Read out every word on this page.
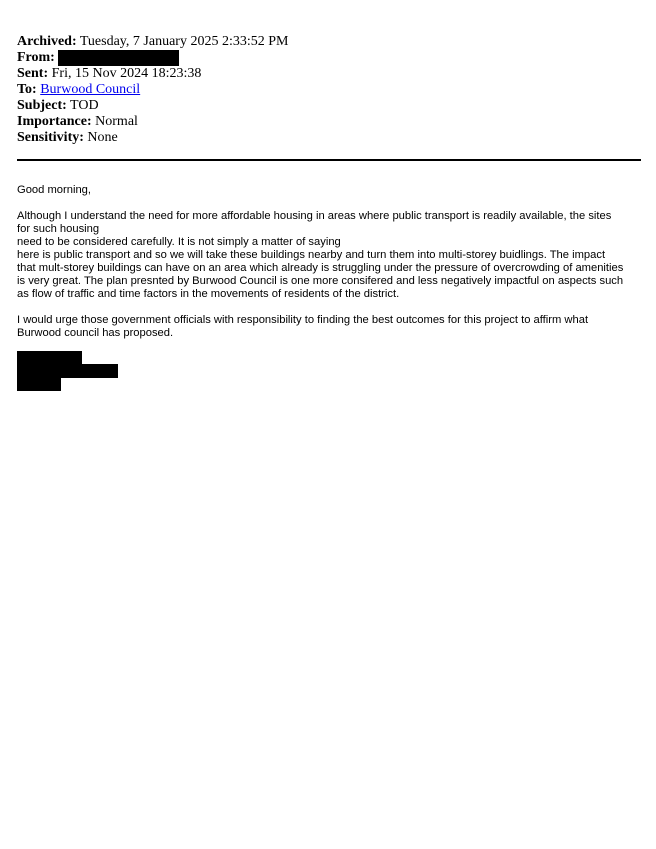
Archived: Tuesday, 7 January 2025 2:33:52 PM
From:
Sent: Fri, 15 Nov 2024 18:23:38
To: Burwood Council
Subject: TOD
Importance: Normal
Sensitivity: None

Good morning,

Although I understand the need for more affordable housing in areas where public transport is readily available, the sites

for such housing

need to be considered carefully. It is not simply a matter of saying

here is public transport and so we will take these buildings nearby and turn them into multi-storey buidlings. The impact

that mult-storey buildings can have on an area which already is struggling under the pressure of overcrowding of amenities

is very great. The plan presnted by Burwood Council is one more consifered and less negatively impactful on aspects such

as flow of traffic and time factors in the movements of residents of the district.

I would urge those government officials with responsibility to finding the best outcomes for this project to affirm what

Burwood council has proposed.
